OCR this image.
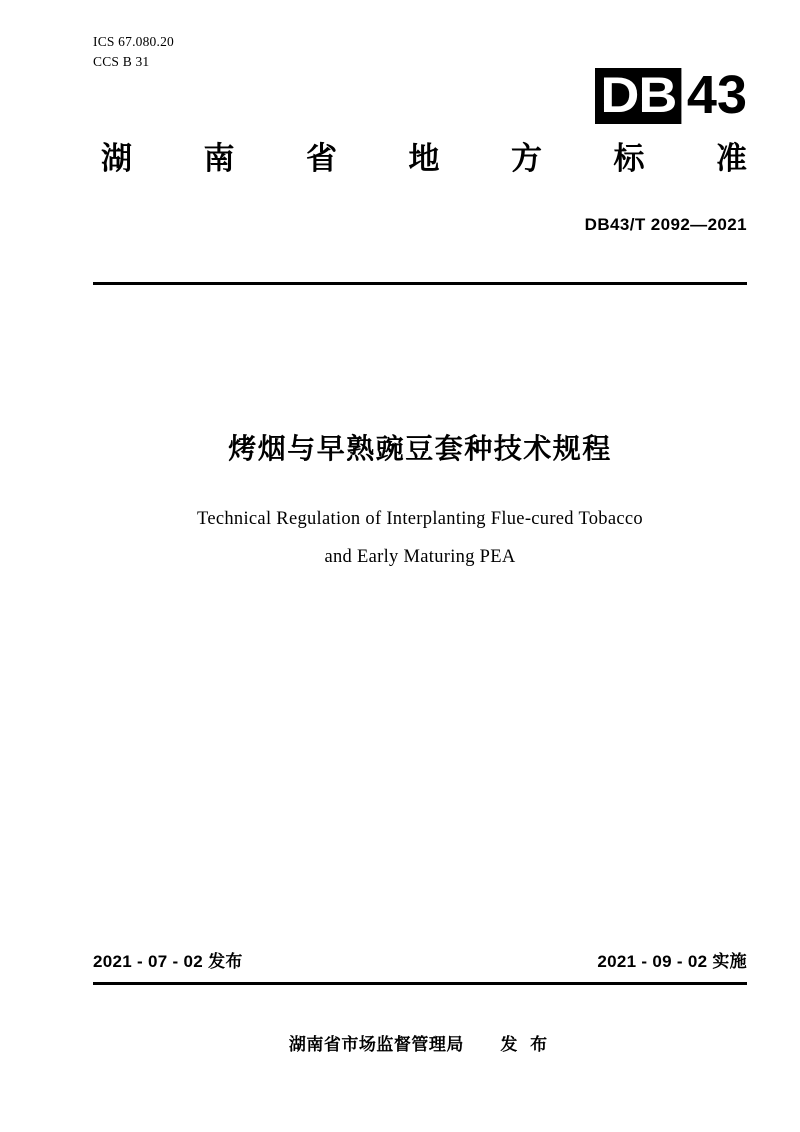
ICS 67.080.20
CCS B 31
DB 43
湖 南 省 地 方 标 准
DB43/T 2092—2021
烤烟与早熟豌豆套种技术规程
Technical Regulation of Interplanting Flue-cured Tobacco
and Early Maturing PEA
2021 - 07 - 02 发布	2021 - 09 - 02 实施
湖南省市场监督管理局 发 布
